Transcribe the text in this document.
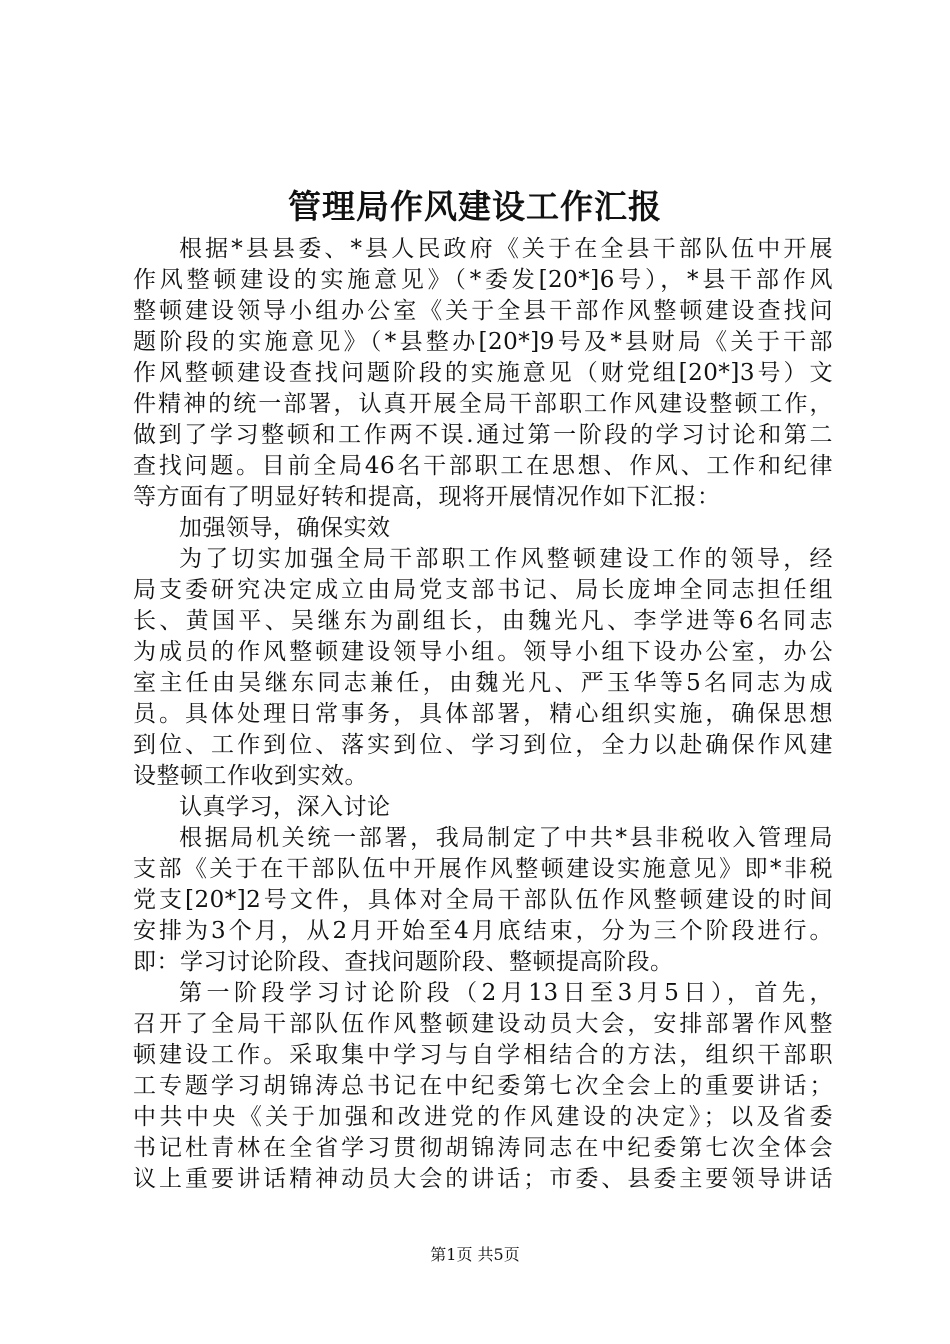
管理局作风建设工作汇报
根据*县县委、*县人民政府《关于在全县干部队伍中开展
作风整顿建设的实施意见》（*委发[20*]6号），*县干部作风
整顿建设领导小组办公室《关于全县干部作风整顿建设查找问
题阶段的实施意见》（*县整办[20*]9号及*县财局《关于干部
作风整顿建设查找问题阶段的实施意见（财党组[20*]3号）文
件精神的统一部署，认真开展全局干部职工作风建设整顿工作，
做到了学习整顿和工作两不误.通过第一阶段的学习讨论和第二
查找问题。目前全局46名干部职工在思想、作风、工作和纪律
等方面有了明显好转和提高，现将开展情况作如下汇报：
加强领导，确保实效
为了切实加强全局干部职工作风整顿建设工作的领导，经
局支委研究决定成立由局党支部书记、局长庞坤全同志担任组
长、黄国平、吴继东为副组长，由魏光凡、李学进等6名同志
为成员的作风整顿建设领导小组。领导小组下设办公室，办公
室主任由吴继东同志兼任，由魏光凡、严玉华等5名同志为成
员。具体处理日常事务，具体部署，精心组织实施，确保思想
到位、工作到位、落实到位、学习到位，全力以赴确保作风建
设整顿工作收到实效。
认真学习，深入讨论
根据局机关统一部署，我局制定了中共*县非税收入管理局
支部《关于在干部队伍中开展作风整顿建设实施意见》即*非税
党支[20*]2号文件，具体对全局干部队伍作风整顿建设的时间
安排为3个月，从2月开始至4月底结束，分为三个阶段进行。
即：学习讨论阶段、查找问题阶段、整顿提高阶段。
第一阶段学习讨论阶段（2月13日至3月5日），首先，
召开了全局干部队伍作风整顿建设动员大会，安排部署作风整
顿建设工作。采取集中学习与自学相结合的方法，组织干部职
工专题学习胡锦涛总书记在中纪委第七次全会上的重要讲话；
中共中央《关于加强和改进党的作风建设的决定》；以及省委
书记杜青林在全省学习贯彻胡锦涛同志在中纪委第七次全体会
议上重要讲话精神动员大会的讲话；市委、县委主要领导讲话
第1页 共5页
